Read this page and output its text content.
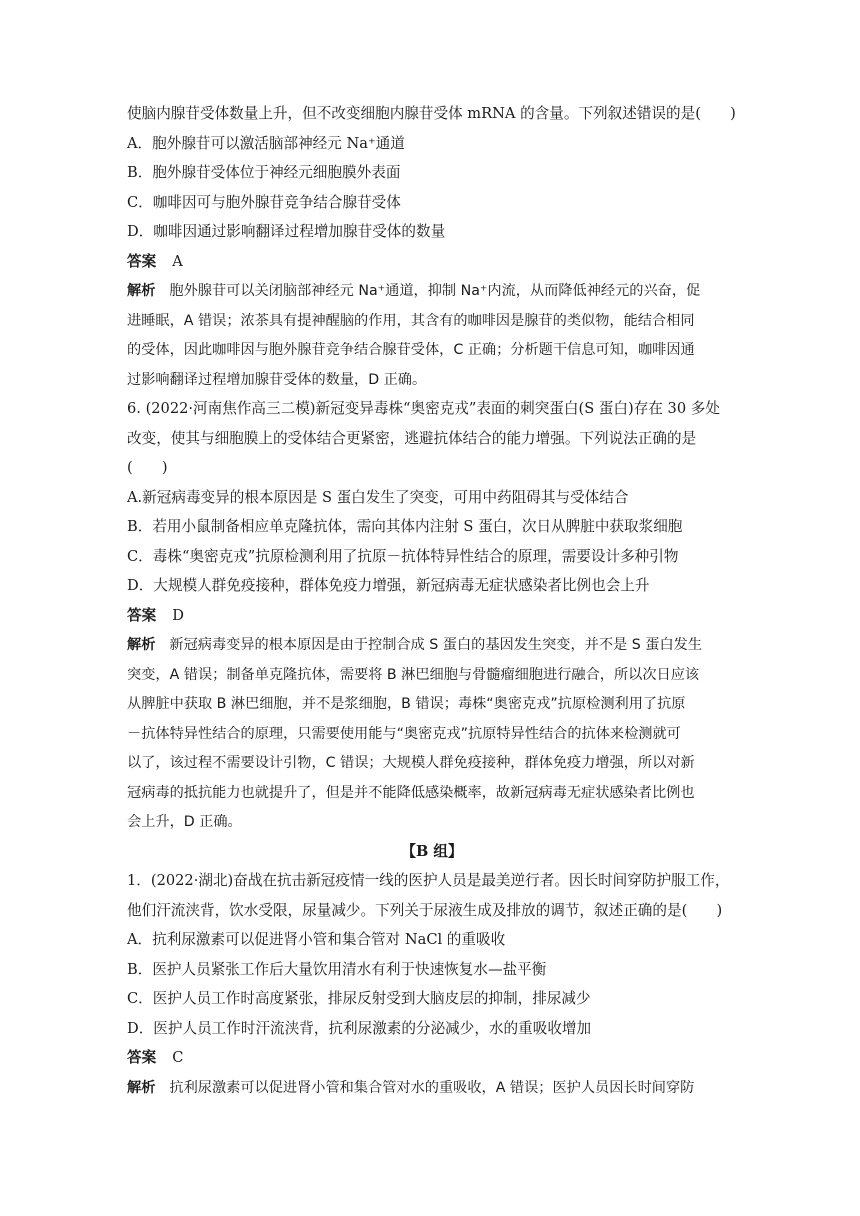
使脑内腺苷受体数量上升，但不改变细胞内腺苷受体 mRNA 的含量。下列叙述错误的是(　　)
A．胞外腺苷可以激活脑部神经元 Na⁺通道
B．胞外腺苷受体位于神经元细胞膜外表面
C．咖啡因可与胞外腺苷竞争结合腺苷受体
D．咖啡因通过影响翻译过程增加腺苷受体的数量
答案 A
解析 胞外腺苷可以关闭脑部神经元 Na⁺通道，抑制 Na⁺内流，从而降低神经元的兴奋，促
进睡眠，A 错误；浓茶具有提神醒脑的作用，其含有的咖啡因是腺苷的类似物，能结合相同
的受体，因此咖啡因与胞外腺苷竞争结合腺苷受体，C 正确；分析题干信息可知，咖啡因通
过影响翻译过程增加腺苷受体的数量，D 正确。
6. (2022·河南焦作高三二模)新冠变异毒株“奥密克戎”表面的刺突蛋白(S 蛋白)存在 30 多处
改变，使其与细胞膜上的受体结合更紧密，逃避抗体结合的能力增强。下列说法正确的是
(　　)
A.新冠病毒变异的根本原因是 S 蛋白发生了突变，可用中药阻碍其与受体结合
B．若用小鼠制备相应单克隆抗体，需向其体内注射 S 蛋白，次日从脾脏中获取浆细胞
C．毒株“奥密克戎”抗原检测利用了抗原－抗体特异性结合的原理，需要设计多种引物
D．大规模人群免疫接种，群体免疫力增强，新冠病毒无症状感染者比例也会上升
答案 D
解析 新冠病毒变异的根本原因是由于控制合成 S 蛋白的基因发生突变，并不是 S 蛋白发生
突变，A 错误；制备单克隆抗体，需要将 B 淋巴细胞与骨髓瘤细胞进行融合，所以次日应该
从脾脏中获取 B 淋巴细胞，并不是浆细胞，B 错误；毒株“奥密克戎”抗原检测利用了抗原
－抗体特异性结合的原理，只需要使用能与“奥密克戎”抗原特异性结合的抗体来检测就可
以了，该过程不需要设计引物，C 错误；大规模人群免疫接种，群体免疫力增强，所以对新
冠病毒的抵抗能力也就提升了，但是并不能降低感染概率，故新冠病毒无症状感染者比例也
会上升，D 正确。
【B 组】
1．(2022·湖北)奋战在抗击新冠疫情一线的医护人员是最美逆行者。因长时间穿防护服工作，
他们汗流浃背，饮水受限，尿量减少。下列关于尿液生成及排放的调节，叙述正确的是(　　)
A．抗利尿激素可以促进肾小管和集合管对 NaCl 的重吸收
B．医护人员紧张工作后大量饮用清水有利于快速恢复水—盐平衡
C．医护人员工作时高度紧张，排尿反射受到大脑皮层的抑制，排尿减少
D．医护人员工作时汗流浃背，抗利尿激素的分泌减少，水的重吸收增加
答案 C
解析 抗利尿激素可以促进肾小管和集合管对水的重吸收，A 错误；医护人员因长时间穿防
